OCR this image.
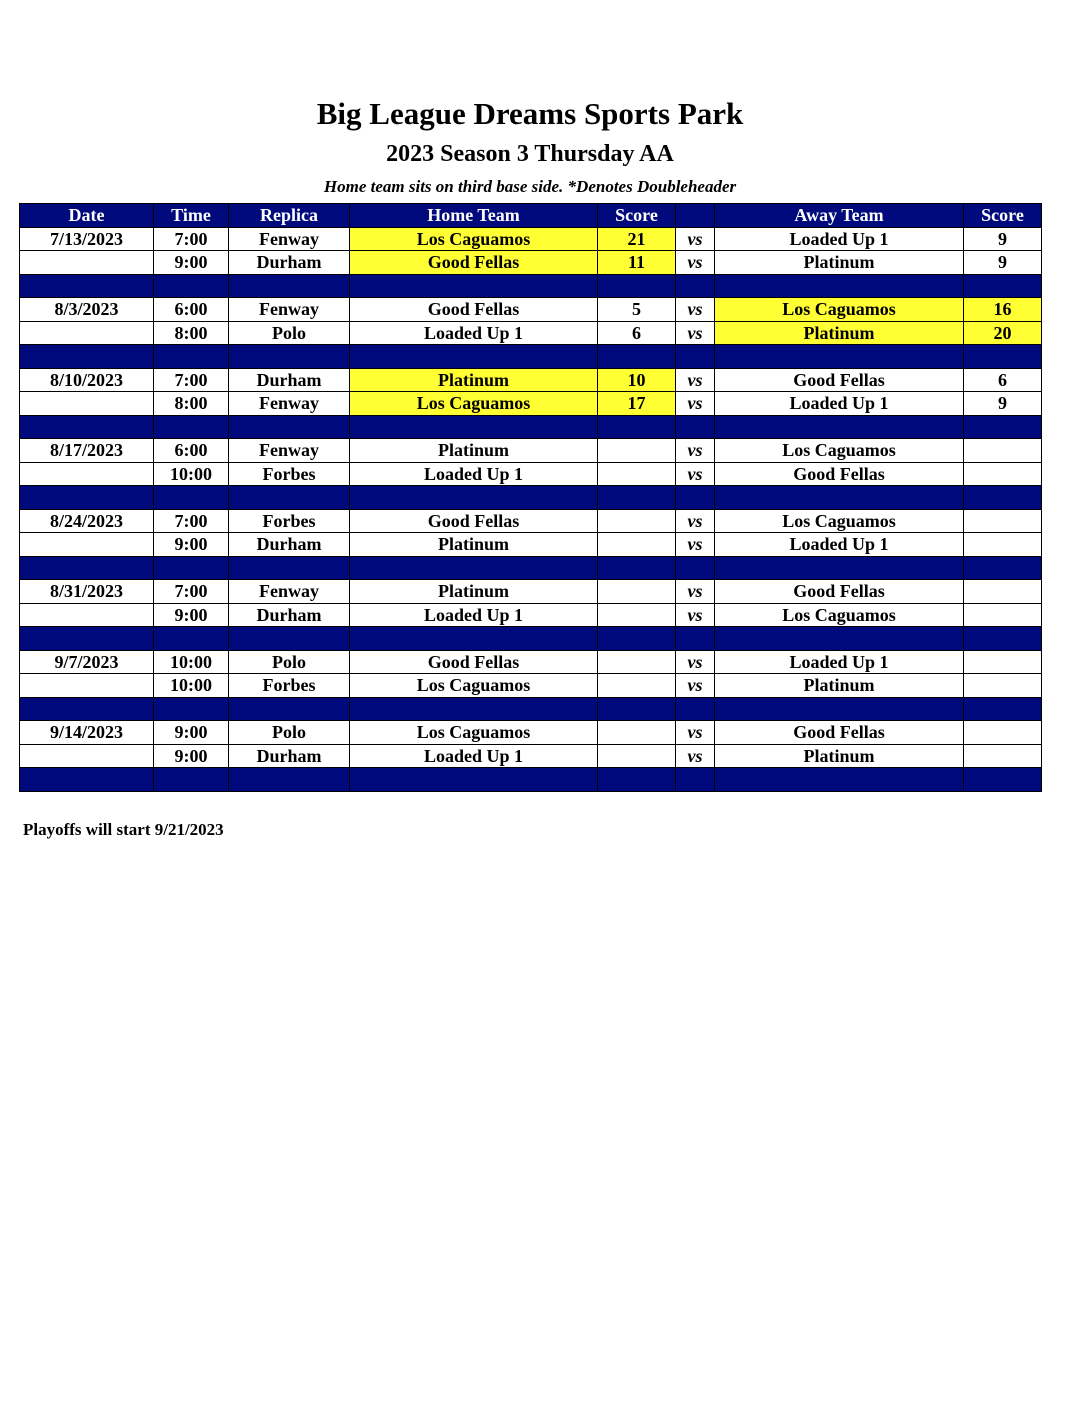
Big League Dreams Sports Park
2023 Season 3 Thursday AA
Home team sits on third base side. *Denotes Doubleheader
Date	Time	Replica	Home Team	Score		Away Team	Score
7/13/2023	7:00	Fenway	Los Caguamos	21	vs	Loaded Up 1	9
	9:00	Durham	Good Fellas	11	vs	Platinum	9

8/3/2023	6:00	Fenway	Good Fellas	5	vs	Los Caguamos	16
	8:00	Polo	Loaded Up 1	6	vs	Platinum	20

8/10/2023	7:00	Durham	Platinum	10	vs	Good Fellas	6
	8:00	Fenway	Los Caguamos	17	vs	Loaded Up 1	9

8/17/2023	6:00	Fenway	Platinum		vs	Los Caguamos	
	10:00	Forbes	Loaded Up 1		vs	Good Fellas	

8/24/2023	7:00	Forbes	Good Fellas		vs	Los Caguamos	
	9:00	Durham	Platinum		vs	Loaded Up 1	

8/31/2023	7:00	Fenway	Platinum		vs	Good Fellas	
	9:00	Durham	Loaded Up 1		vs	Los Caguamos	

9/7/2023	10:00	Polo	Good Fellas		vs	Loaded Up 1	
	10:00	Forbes	Los Caguamos		vs	Platinum	

9/14/2023	9:00	Polo	Los Caguamos		vs	Good Fellas	
	9:00	Durham	Loaded Up 1		vs	Platinum	

Playoffs will start 9/21/2023
